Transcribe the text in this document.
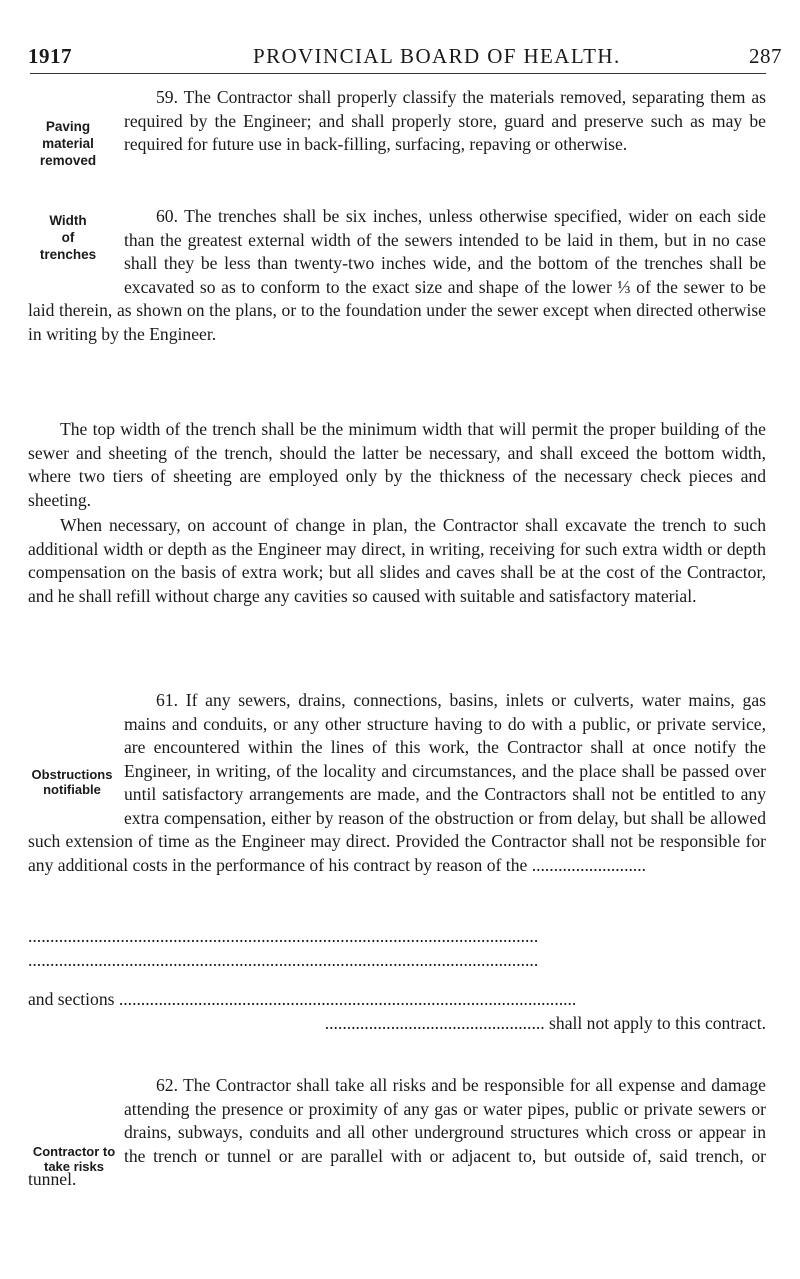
1917	PROVINCIAL BOARD OF HEALTH.	287
Paving
material
removed

59. The Contractor shall properly classify the materials removed, separating them as required by the Engineer; and shall properly store, guard and preserve such as may be required for future use in back-filling, surfacing, repaving or otherwise.

Width
of
trenches

60. The trenches shall be six inches, unless otherwise specified, wider on each side than the greatest external width of the sewers intended to be laid in them, but in no case shall they be less than twenty-two inches wide, and the bottom of the trenches shall be excavated so as to conform to the exact size and shape of the lower ⅓ of the sewer to be laid therein, as shown on the plans, or to the foundation under the sewer except when directed otherwise in writing by the Engineer.

The top width of the trench shall be the minimum width that will permit the proper building of the sewer and sheeting of the trench, should the latter be necessary, and shall exceed the bottom width, where two tiers of sheeting are employed only by the thickness of the necessary check pieces and sheeting.

When necessary, on account of change in plan, the Contractor shall excavate the trench to such additional width or depth as the Engineer may direct, in writing, receiving for such extra width or depth compensation on the basis of extra work; but all slides and caves shall be at the cost of the Contractor, and he shall refill without charge any cavities so caused with suitable and satisfactory material.

Obstructions
notifiable

61. If any sewers, drains, connections, basins, inlets or culverts, water mains, gas mains and conduits, or any other structure having to do with a public, or private service, are encountered within the lines of this work, the Contractor shall at once notify the Engineer, in writing, of the locality and circumstances, and the place shall be passed over until satisfactory arrangements are made, and the Contractors shall not be entitled to any extra compensation, either by reason of the obstruction or from delay, but shall be allowed such extension of time as the Engineer may direct. Provided the Contractor shall not be responsible for any additional costs in the performance of his contract by reason of the ..........................

....................................................................................................................
....................................................................................................................
and sections ........................................................................................................
.................................................. shall not apply to this contract.
Contractor to
take risks

62. The Contractor shall take all risks and be responsible for all expense and damage attending the presence or proximity of any gas or water pipes, public or private sewers or drains, subways, conduits and all other underground structures which cross or appear in the trench or tunnel or are parallel with or adjacent to, but outside of, said trench, or tunnel.
